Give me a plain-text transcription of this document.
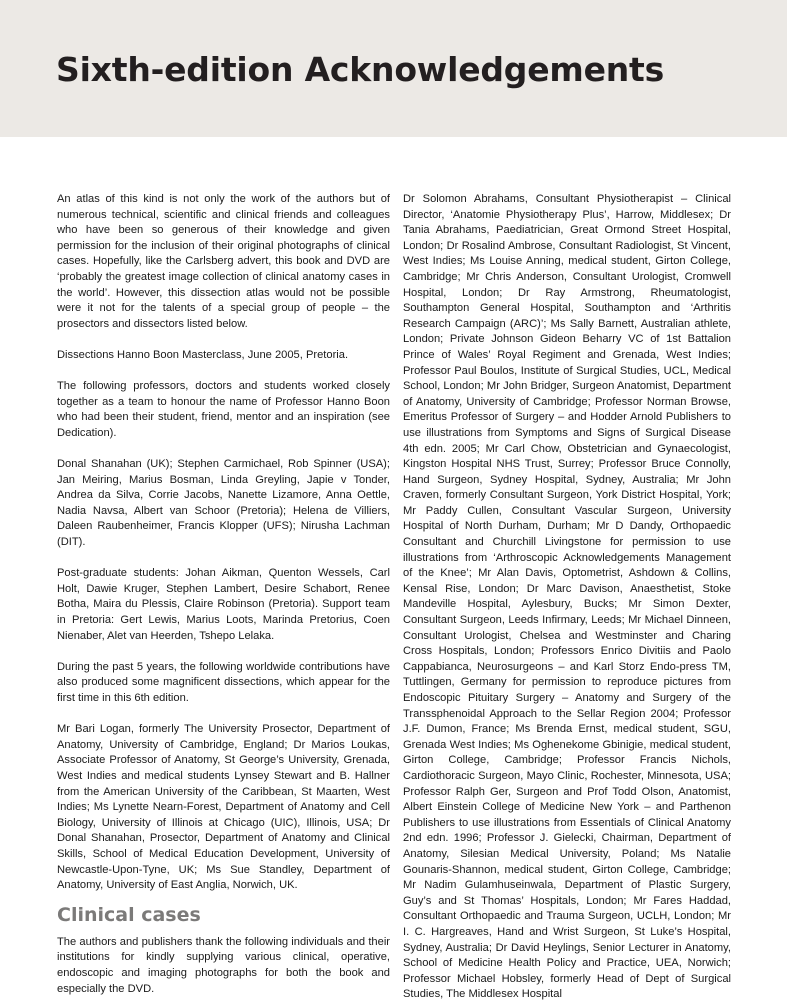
Sixth-edition Acknowledgements

An atlas of this kind is not only the work of the authors but of numerous technical, scientific and clinical friends and colleagues who have been so generous of their knowledge and given permission for the inclusion of their original photographs of clinical cases. Hopefully, like the Carlsberg advert, this book and DVD are ‘probably the greatest image collection of clinical anatomy cases in the world’. However, this dissection atlas would not be possible were it not for the talents of a special group of people – the prosectors and dissectors listed below.

Dissections Hanno Boon Masterclass, June 2005, Pretoria.

The following professors, doctors and students worked closely together as a team to honour the name of Professor Hanno Boon who had been their student, friend, mentor and an inspiration (see Dedication).

Donal Shanahan (UK); Stephen Carmichael, Rob Spinner (USA); Jan Meiring, Marius Bosman, Linda Greyling, Japie v Tonder, Andrea da Silva, Corrie Jacobs, Nanette Lizamore, Anna Oettle, Nadia Navsa, Albert van Schoor (Pretoria); Helena de Villiers, Daleen Raubenheimer, Francis Klopper (UFS); Nirusha Lachman (DIT).

Post-graduate students: Johan Aikman, Quenton Wessels, Carl Holt, Dawie Kruger, Stephen Lambert, Desire Schabort, Renee Botha, Maira du Plessis, Claire Robinson (Pretoria). Support team in Pretoria: Gert Lewis, Marius Loots, Marinda Pretorius, Coen Nienaber, Alet van Heerden, Tshepo Lelaka.

During the past 5 years, the following worldwide contributions have also produced some magnificent dissections, which appear for the first time in this 6th edition.

Mr Bari Logan, formerly The University Prosector, Department of Anatomy, University of Cambridge, England; Dr Marios Loukas, Associate Professor of Anatomy, St George’s University, Grenada, West Indies and medical students Lynsey Stewart and B. Hallner from the American University of the Caribbean, St Maarten, West Indies; Ms Lynette Nearn-Forest, Department of Anatomy and Cell Biology, University of Illinois at Chicago (UIC), Illinois, USA; Dr Donal Shanahan, Prosector, Department of Anatomy and Clinical Skills, School of Medical Education Development, University of Newcastle-Upon-Tyne, UK; Ms Sue Standley, Department of Anatomy, University of East Anglia, Norwich, UK.

Clinical cases

The authors and publishers thank the following individuals and their institutions for kindly supplying various clinical, operative, endoscopic and imaging photographs for both the book and especially the DVD.

Dr Solomon Abrahams, Consultant Physiotherapist – Clinical Director, ‘Anatomie Physiotherapy Plus’, Harrow, Middlesex; Dr Tania Abrahams, Paediatrician, Great Ormond Street Hospital, London; Dr Rosalind Ambrose, Consultant Radiologist, St Vincent, West Indies; Ms Louise Anning, medical student, Girton College, Cambridge; Mr Chris Anderson, Consultant Urologist, Cromwell Hospital, London; Dr Ray Armstrong, Rheumatologist, Southampton General Hospital, Southampton and ‘Arthritis Research Campaign (ARC)’; Ms Sally Barnett, Australian athlete, London; Private Johnson Gideon Beharry VC of 1st Battalion Prince of Wales’ Royal Regiment and Grenada, West Indies; Professor Paul Boulos, Institute of Surgical Studies, UCL, Medical School, London; Mr John Bridger, Surgeon Anatomist, Department of Anatomy, University of Cambridge; Professor Norman Browse, Emeritus Professor of Surgery – and Hodder Arnold Publishers to use illustrations from Symptoms and Signs of Surgical Disease 4th edn. 2005; Mr Carl Chow, Obstetrician and Gynaecologist, Kingston Hospital NHS Trust, Surrey; Professor Bruce Connolly, Hand Surgeon, Sydney Hospital, Sydney, Australia; Mr John Craven, formerly Consultant Surgeon, York District Hospital, York; Mr Paddy Cullen, Consultant Vascular Surgeon, University Hospital of North Durham, Durham; Mr D Dandy, Orthopaedic Consultant and Churchill Livingstone for permission to use illustrations from ‘Arthroscopic Acknowledgements Management of the Knee’; Mr Alan Davis, Optometrist, Ashdown & Collins, Kensal Rise, London; Dr Marc Davison, Anaesthetist, Stoke Mandeville Hospital, Aylesbury, Bucks; Mr Simon Dexter, Consultant Surgeon, Leeds Infirmary, Leeds; Mr Michael Dinneen, Consultant Urologist, Chelsea and Westminster and Charing Cross Hospitals, London; Professors Enrico Divitiis and Paolo Cappabianca, Neurosurgeons – and Karl Storz Endo-press TM, Tuttlingen, Germany for permission to reproduce pictures from Endoscopic Pituitary Surgery – Anatomy and Surgery of the Transsphenoidal Approach to the Sellar Region 2004; Professor J.F. Dumon, France; Ms Brenda Ernst, medical student, SGU, Grenada West Indies; Ms Oghenekome Gbinigie, medical student, Girton College, Cambridge; Professor Francis Nichols, Cardiothoracic Surgeon, Mayo Clinic, Rochester, Minnesota, USA; Professor Ralph Ger, Surgeon and Prof Todd Olson, Anatomist, Albert Einstein College of Medicine New York – and Parthenon Publishers to use illustrations from Essentials of Clinical Anatomy 2nd edn. 1996; Professor J. Gielecki, Chairman, Department of Anatomy, Silesian Medical University, Poland; Ms Natalie Gounaris-Shannon, medical student, Girton College, Cambridge; Mr Nadim Gulamhuseinwala, Department of Plastic Surgery, Guy’s and St Thomas’ Hospitals, London; Mr Fares Haddad, Consultant Orthopaedic and Trauma Surgeon, UCLH, London; Mr I. C. Hargreaves, Hand and Wrist Surgeon, St Luke’s Hospital, Sydney, Australia; Dr David Heylings, Senior Lecturer in Anatomy, School of Medicine Health Policy and Practice, UEA, Norwich; Professor Michael Hobsley, formerly Head of Dept of Surgical Studies, The Middlesex Hospital
